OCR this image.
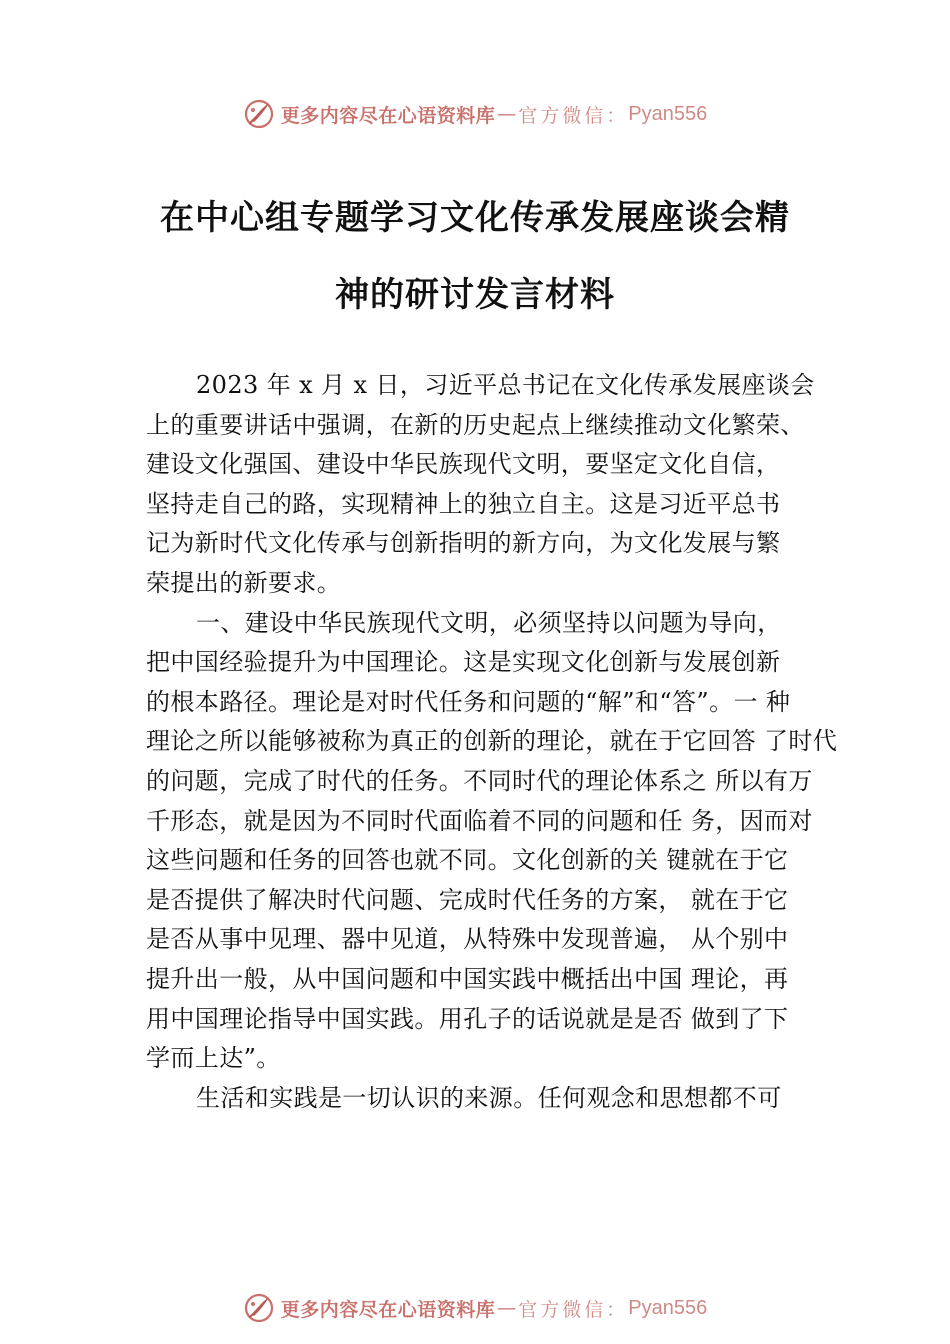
更多内容尽在心语资料库 — 官方微信： Pyan556
在中心组专题学习文化传承发展座谈会精
神的研讨发言材料
2023 年 x 月 x 日，习近平总书记在文化传承发展座谈会
上的重要讲话中强调，在新的历史起点上继续推动文化繁荣、
建设文化强国、建设中华民族现代文明，要坚定文化自信，
坚持走自己的路，实现精神上的独立自主。这是习近平总书
记为新时代文化传承与创新指明的新方向，为文化发展与繁
荣提出的新要求。
一、建设中华民族现代文明，必须坚持以问题为导向，
把中国经验提升为中国理论。这是实现文化创新与发展创新
的根本路径。理论是对时代任务和问题的“解”和“答”。一 种
理论之所以能够被称为真正的创新的理论，就在于它回答 了时代
的问题，完成了时代的任务。不同时代的理论体系之 所以有万
千形态，就是因为不同时代面临着不同的问题和任 务，因而对
这些问题和任务的回答也就不同。文化创新的关 键就在于它
是否提供了解决时代问题、完成时代任务的方案， 就在于它
是否从事中见理、器中见道，从特殊中发现普遍， 从个别中
提升出一般，从中国问题和中国实践中概括出中国 理论，再
用中国理论指导中国实践。用孔子的话说就是是否 做到了下
学而上达”。
生活和实践是一切认识的来源。任何观念和思想都不可
更多内容尽在心语资料库 — 官方微信： Pyan556
